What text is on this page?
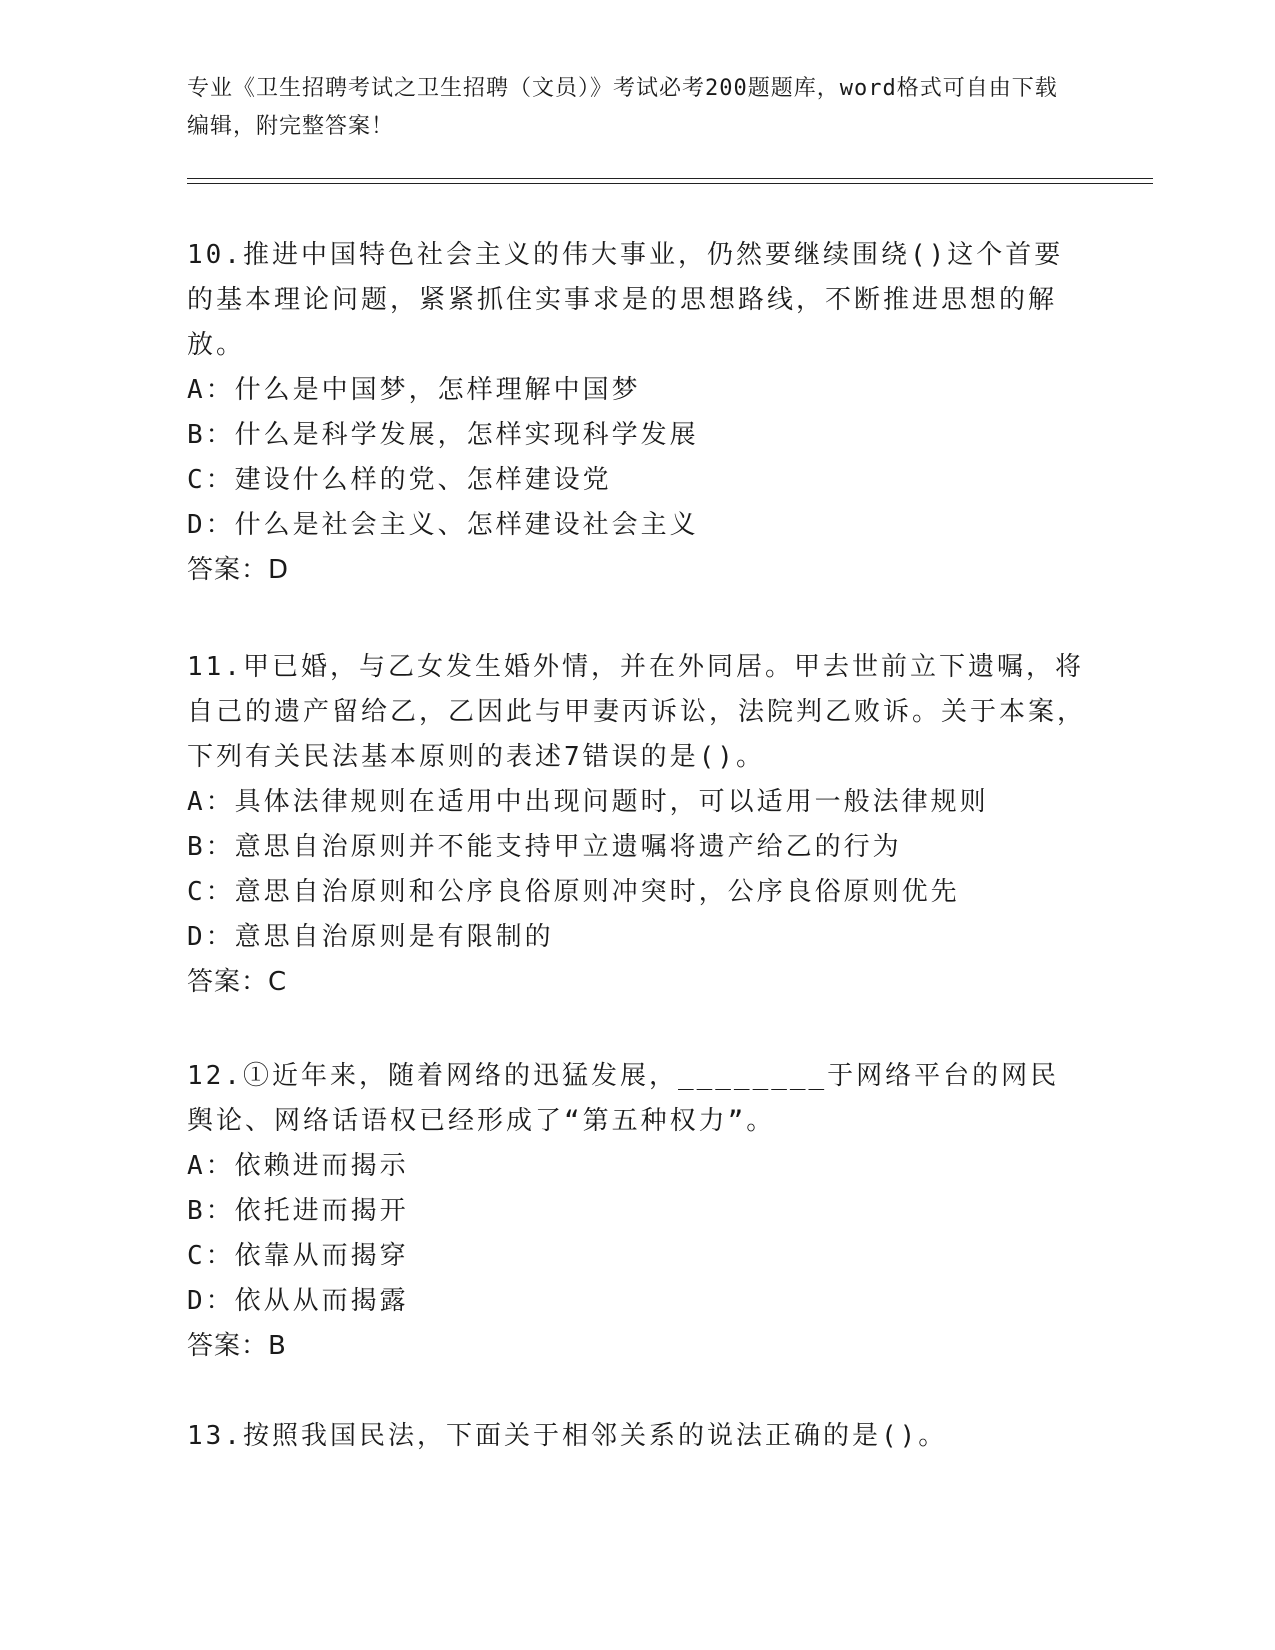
专业《卫生招聘考试之卫生招聘（文员）》考试必考200题题库，word格式可自由下载编辑，附完整答案！
10.推进中国特色社会主义的伟大事业，仍然要继续围绕()这个首要的基本理论问题，紧紧抓住实事求是的思想路线，不断推进思想的解放。
A：什么是中国梦，怎样理解中国梦
B：什么是科学发展，怎样实现科学发展
C：建设什么样的党、怎样建设党
D：什么是社会主义、怎样建设社会主义
答案：D
11.甲已婚，与乙女发生婚外情，并在外同居。甲去世前立下遗嘱，将自己的遗产留给乙，乙因此与甲妻丙诉讼，法院判乙败诉。关于本案，下列有关民法基本原则的表述7错误的是()。
A：具体法律规则在适用中出现问题时，可以适用一般法律规则
B：意思自治原则并不能支持甲立遗嘱将遗产给乙的行为
C：意思自治原则和公序良俗原则冲突时，公序良俗原则优先
D：意思自治原则是有限制的
答案：C
12.①近年来，随着网络的迅猛发展，________于网络平台的网民舆论、网络话语权已经形成了“第五种权力”。
A：依赖进而揭示
B：依托进而揭开
C：依靠从而揭穿
D：依从从而揭露
答案：B
13.按照我国民法，下面关于相邻关系的说法正确的是()。
